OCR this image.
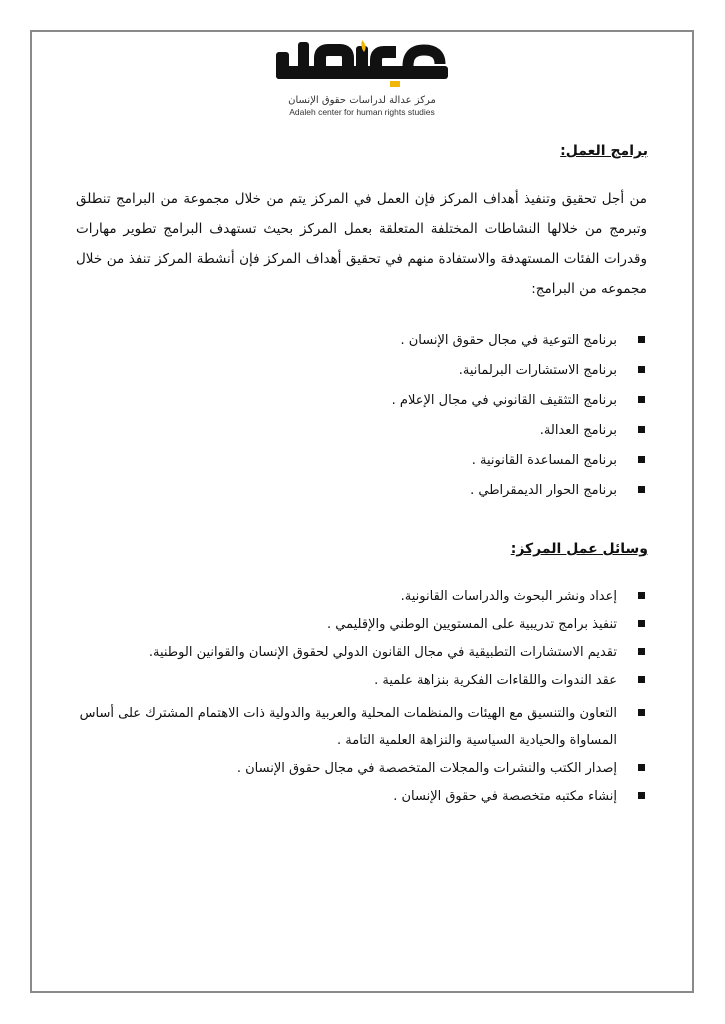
مركز عدالة لدراسات حقوق الإنسان
Adaleh center for human rights studies
برامج العمل:
من أجل تحقيق وتنفيذ أهداف المركز فإن العمل في المركز يتم من خلال مجموعة من البرامج تنطلق وتبرمج من خلالها النشاطات المختلفة المتعلقة بعمل المركز بحيث تستهدف البرامج تطوير مهارات وقدرات الفئات المستهدفة والاستفادة منهم في تحقيق أهداف المركز فإن أنشطة المركز تنفذ من خلال مجموعه من البرامج:
برنامج التوعية في مجال حقوق الإنسان .
برنامج الاستشارات البرلمانية.
برنامج التثقيف القانوني في مجال الإعلام .
برنامج العدالة.
برنامج المساعدة القانونية .
برنامج الحوار الديمقراطي .
وسائل عمل المركز:
إعداد ونشر البحوث والدراسات القانونية.
تنفيذ برامج تدريبية على المستويين الوطني والإقليمي .
تقديم الاستشارات التطبيقية في مجال القانون الدولي لحقوق الإنسان والقوانين الوطنية.
عقد الندوات واللقاءات الفكرية بنزاهة علمية .
التعاون والتنسيق مع الهيئات والمنظمات المحلية والعربية والدولية ذات الاهتمام المشترك على أساس المساواة والحيادية السياسية والنزاهة العلمية التامة .
إصدار الكتب والنشرات والمجلات المتخصصة في مجال حقوق الإنسان .
إنشاء مكتبه متخصصة في حقوق الإنسان .
